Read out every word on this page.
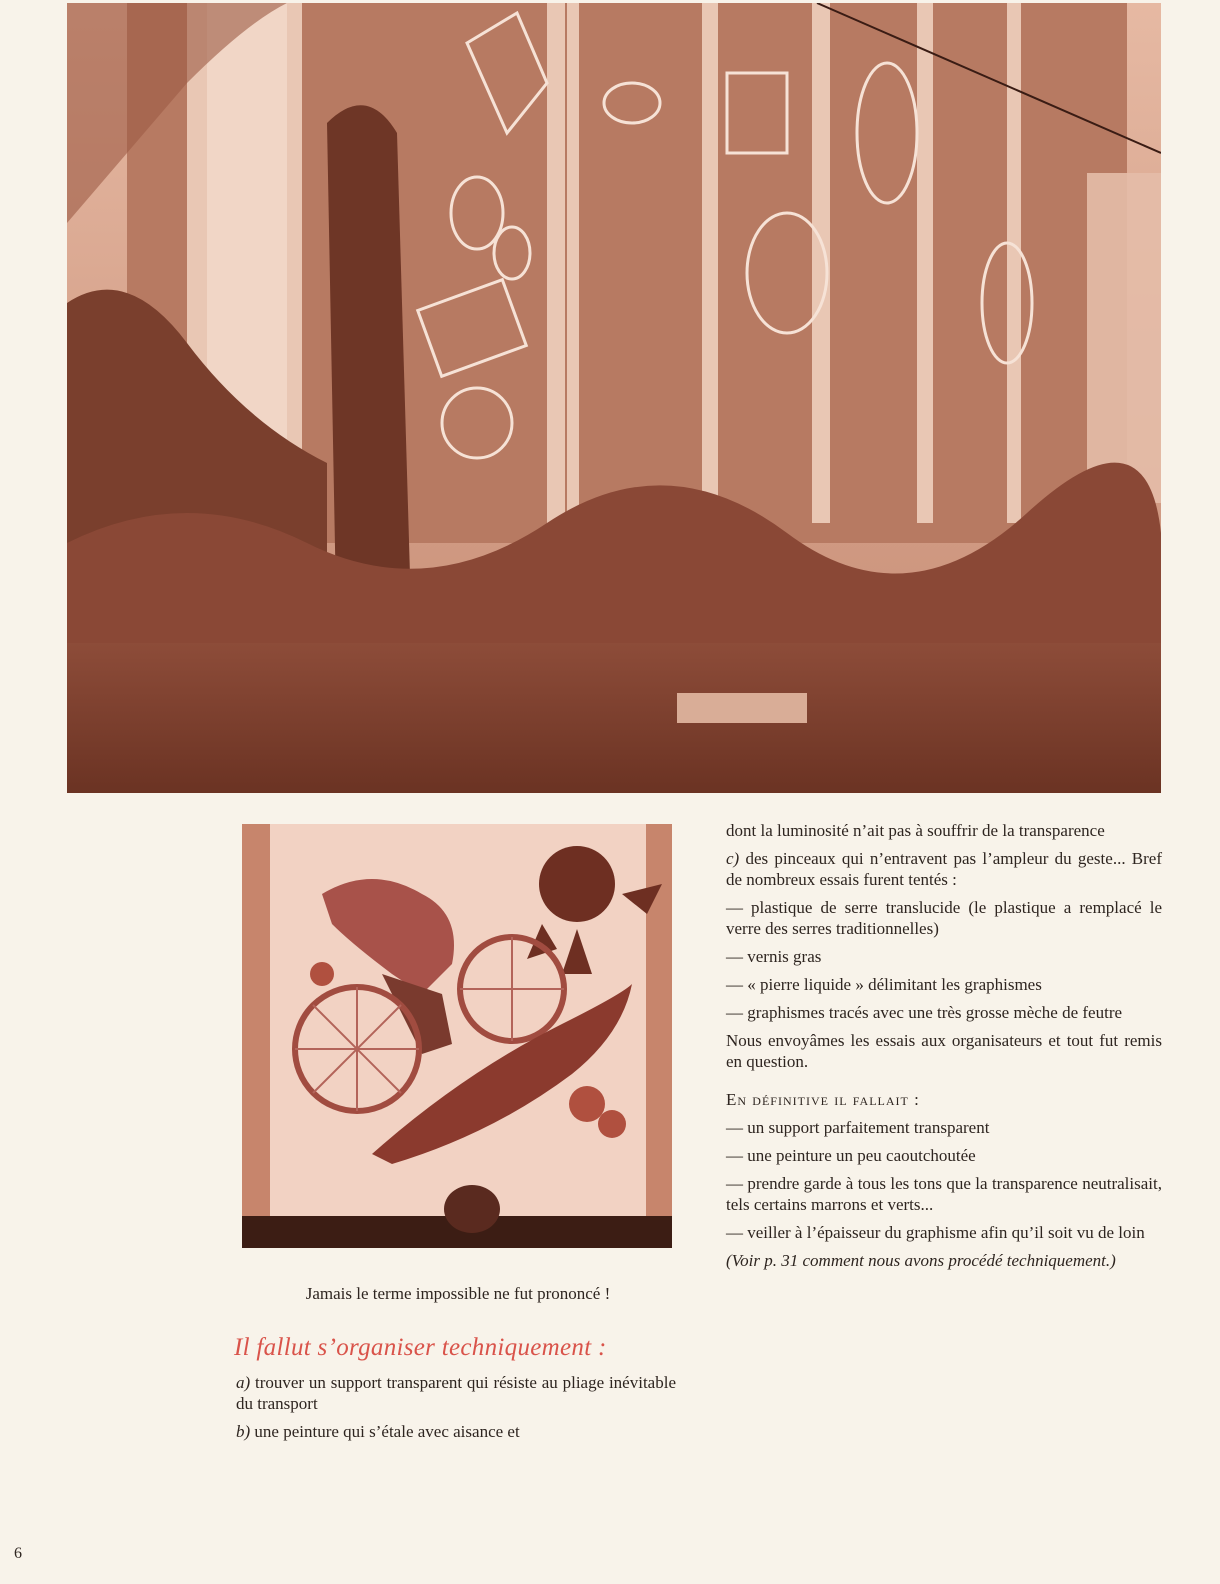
Jamais le terme impossible ne fut prononcé !
Il fallut s’organiser techniquement :

a) trouver un support transparent qui résiste au pliage inévitable du transport

b) une peinture qui s’étale avec aisance et

dont la luminosité n’ait pas à souffrir de la transparence

c) des pinceaux qui n’entravent pas l’ampleur du geste... Bref de nombreux essais furent tentés :

— plastique de serre translucide (le plastique a remplacé le verre des serres traditionnelles)

— vernis gras

— « pierre liquide » délimitant les graphismes

— graphismes tracés avec une très grosse mèche de feutre

Nous envoyâmes les essais aux organisateurs et tout fut remis en question.

En définitive il fallait :

— un support parfaitement transparent

— une peinture un peu caoutchoutée

— prendre garde à tous les tons que la transparence neutralisait, tels certains marrons et verts...

— veiller à l’épaisseur du graphisme afin qu’il soit vu de loin

(Voir p. 31 comment nous avons procédé techniquement.)

6
